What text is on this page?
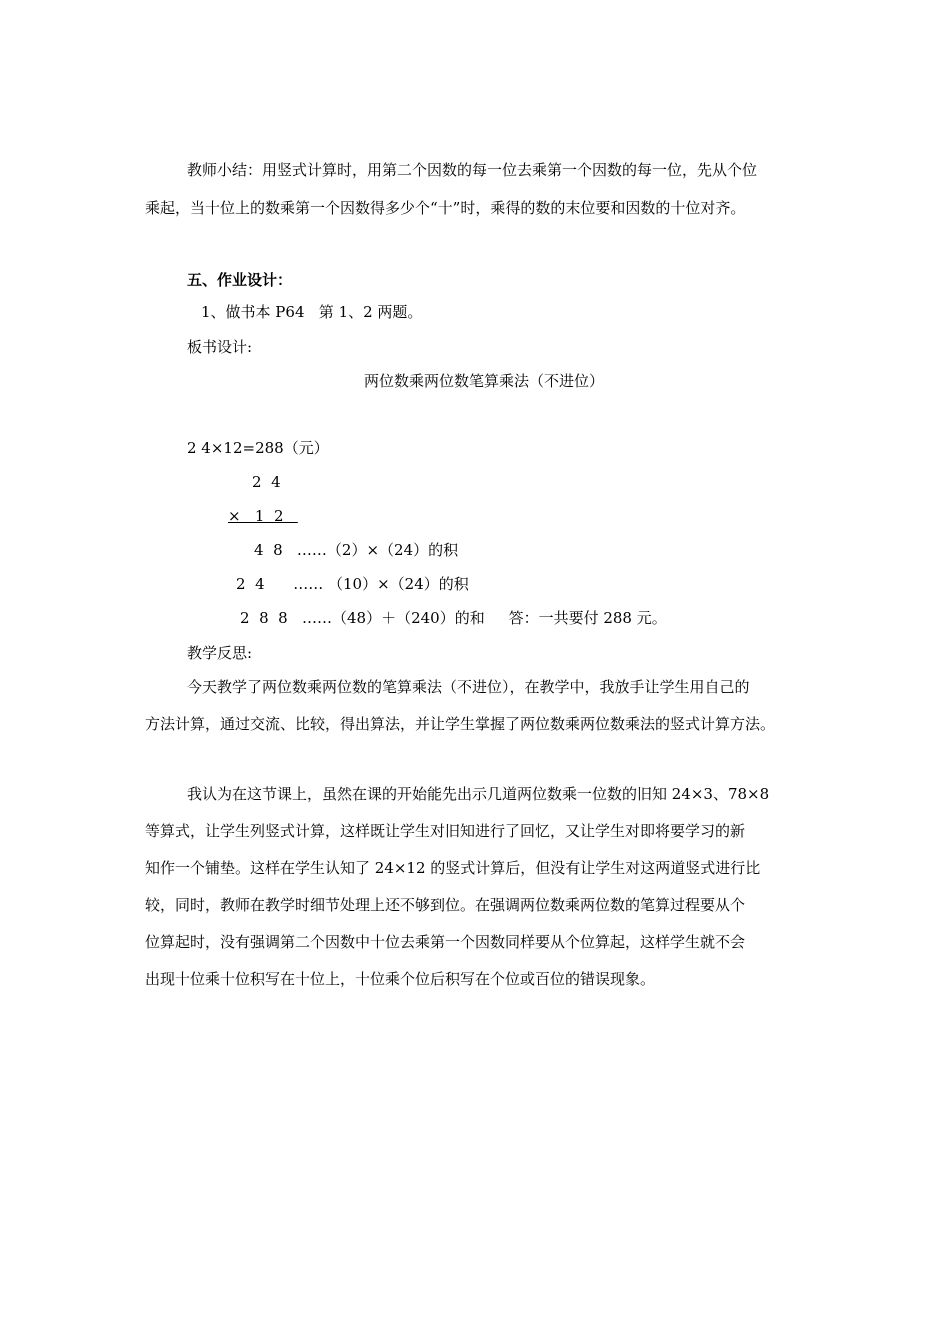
教师小结：用竖式计算时，用第二个因数的每一位去乘第一个因数的每一位，先从个位
乘起，当十位上的数乘第一个因数得多少个“十”时，乘得的数的末位要和因数的十位对齐。
五、作业设计：
1、做书本 P64   第 1、2 两题。
板书设计:
两位数乘两位数笔算乘法（不进位）
2 4×12=288（元）
2  4
×   1  2
4  8   ……（2）×（24）的积
2  4      …… （10）×（24）的积
2  8  8   ……（48）＋（240）的和     答：一共要付 288 元。
教学反思:
今天教学了两位数乘两位数的笔算乘法（不进位），在教学中，我放手让学生用自己的
方法计算，通过交流、比较，得出算法，并让学生掌握了两位数乘两位数乘法的竖式计算方法。
我认为在这节课上，虽然在课的开始能先出示几道两位数乘一位数的旧知 24×3、78×8
等算式，让学生列竖式计算，这样既让学生对旧知进行了回忆，又让学生对即将要学习的新
知作一个铺垫。这样在学生认知了 24×12 的竖式计算后，但没有让学生对这两道竖式进行比
较，同时，教师在教学时细节处理上还不够到位。在强调两位数乘两位数的笔算过程要从个
位算起时，没有强调第二个因数中十位去乘第一个因数同样要从个位算起，这样学生就不会
出现十位乘十位积写在十位上，十位乘个位后积写在个位或百位的错误现象。
